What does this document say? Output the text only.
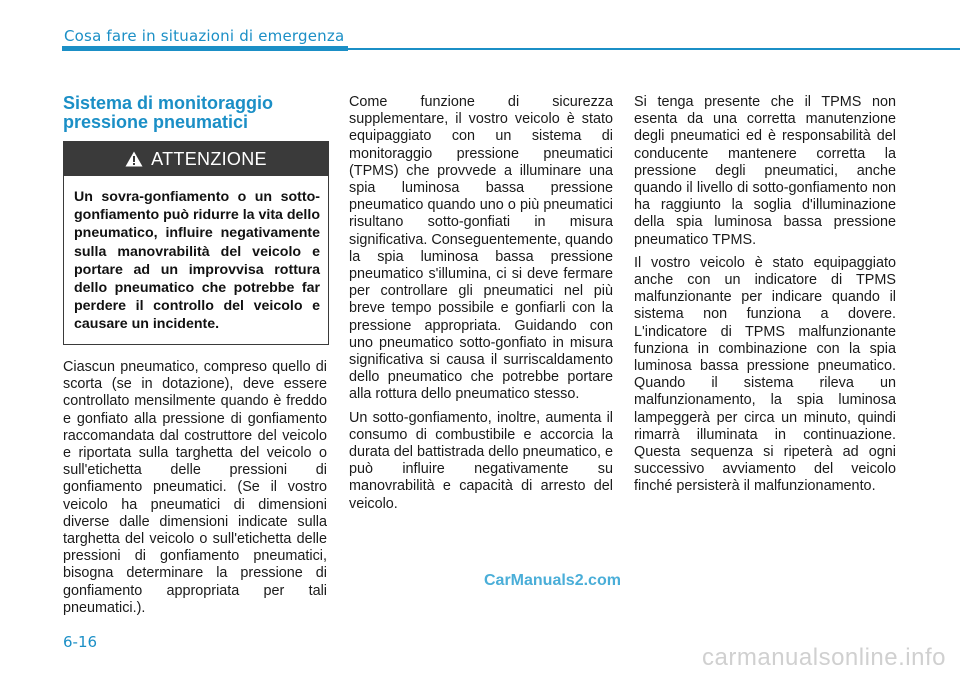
Cosa fare in situazioni di emergenza
Sistema di monitoraggio pressione pneumatici
ATTENZIONE
Un sovra-gonfiamento o un sotto-gonfiamento può ridurre la vita dello pneumatico, influire negativamente sulla manovrabilità del veicolo e portare ad un improvvisa rottura dello pneumatico che potrebbe far perdere il controllo del veicolo e causare un incidente.

Ciascun pneumatico, compreso quello di scorta (se in dotazione), deve essere controllato mensilmente quando è freddo e gonfiato alla pressione di gonfiamento raccomandata dal costruttore del veicolo e riportata sulla targhetta del veicolo o sull'etichetta delle pressioni di gonfiamento pneumatici. (Se il vostro veicolo ha pneumatici di dimensioni diverse dalle dimensioni indicate sulla targhetta del veicolo o sull'etichetta delle pressioni di gonfiamento pneumatici, bisogna determinare la pressione di gonfiamento appropriata per tali pneumatici.).

Come funzione di sicurezza supplementare, il vostro veicolo è stato equipaggiato con un sistema di monitoraggio pressione pneumatici (TPMS) che provvede a illuminare una spia luminosa bassa pressione pneumatico quando uno o più pneumatici risultano sotto-gonfiati in misura significativa. Conseguentemente, quando la spia luminosa bassa pressione pneumatico s'illumina, ci si deve fermare per controllare gli pneumatici nel più breve tempo possibile e gonfiarli con la pressione appropriata. Guidando con uno pneumatico sotto-gonfiato in misura significativa si causa il surriscaldamento dello pneumatico che potrebbe portare alla rottura dello pneumatico stesso.

Un sotto-gonfiamento, inoltre, aumenta il consumo di combustibile e accorcia la durata del battistrada dello pneumatico, e può influire negativamente su manovrabilità e capacità di arresto del veicolo.

Si tenga presente che il TPMS non esenta da una corretta manutenzione degli pneumatici ed è responsabilità del conducente mantenere corretta la pressione degli pneumatici, anche quando il livello di sotto-gonfiamento non ha raggiunto la soglia d'illuminazione della spia luminosa bassa pressione pneumatico TPMS.

Il vostro veicolo è stato equipaggiato anche con un indicatore di TPMS malfunzionante per indicare quando il sistema non funziona a dovere. L'indicatore di TPMS malfunzionante funziona in combinazione con la spia luminosa bassa pressione pneumatico. Quando il sistema rileva un malfunzionamento, la spia luminosa lampeggerà per circa un minuto, quindi rimarrà illuminata in continuazione. Questa sequenza si ripeterà ad ogni successivo avviamento del veicolo finché persisterà il malfunzionamento.

CarManuals2.com
6-16
carmanualsonline.info
